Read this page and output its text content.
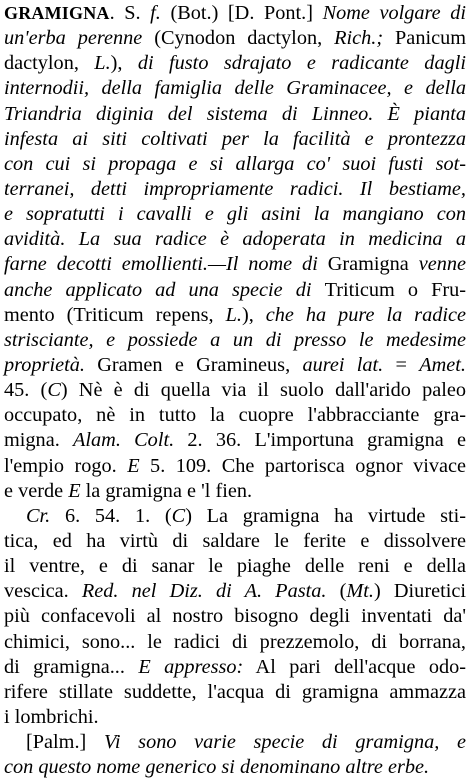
GRAMIGNA. S. f. (Bot.) [D. Pont.] Nome volgare di
un'erba perenne (Cynodon dactylon, Rich.; Panicum
dactylon, L.), di fusto sdrajato e radicante dagli
internodii, della famiglia delle Graminacee, e della
Triandria diginia del sistema di Linneo. È pianta
infesta ai siti coltivati per la facilità e prontezza
con cui si propaga e si allarga co' suoi fusti sot-
terranei, detti impropriamente radici. Il bestiame,
e sopratutti i cavalli e gli asini la mangiano con
avidità. La sua radice è adoperata in medicina a
farne decotti emollienti.—Il nome di Gramigna venne
anche applicato ad una specie di Triticum o Fru-
mento (Triticum repens, L.), che ha pure la radice
strisciante, e possiede a un di presso le medesime
proprietà. Gramen e Gramineus, aurei lat. = Amet.
45. (C) Nè è di quella via il suolo dall'arido paleo
occupato, nè in tutto la cuopre l'abbracciante gra-
migna. Alam. Colt. 2. 36. L'importuna gramigna e
l'empio rogo. E 5. 109. Che partorisca ognor vivace
e verde E la gramigna e 'l fien.
Cr. 6. 54. 1. (C) La gramigna ha virtude sti-
tica, ed ha virtù di saldare le ferite e dissolvere
il ventre, e di sanar le piaghe delle reni e della
vescica. Red. nel Diz. di A. Pasta. (Mt.) Diuretici
più confacevoli al nostro bisogno degli inventati da'
chimici, sono... le radici di prezzemolo, di borrana,
di gramigna... E appresso: Al pari dell'acque odo-
rifere stillate suddette, l'acqua di gramigna ammazza
i lombrichi.
[Palm.] Vi sono varie specie di gramigna, e
con questo nome generico si denominano altre erbe.
